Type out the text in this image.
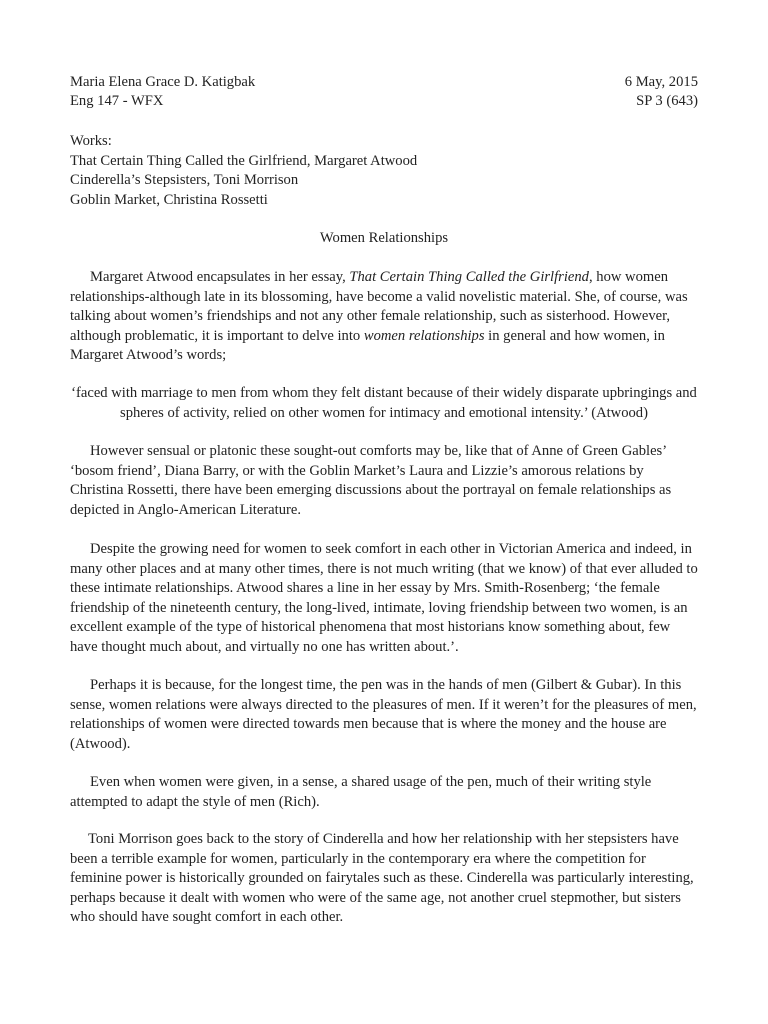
Maria Elena Grace D. Katigbak	6 May, 2015
Eng 147 - WFX	SP 3 (643)
Works:
That Certain Thing Called the Girlfriend, Margaret Atwood
Cinderella’s Stepsisters, Toni Morrison
Goblin Market, Christina Rossetti
Women Relationships

Margaret Atwood encapsulates in her essay, That Certain Thing Called the Girlfriend, how women relationships-although late in its blossoming, have become a valid novelistic material. She, of course, was talking about women’s friendships and not any other female relationship, such as sisterhood. However, although problematic, it is important to delve into women relationships in general and how women, in Margaret Atwood’s words;

‘faced with marriage to men from whom they felt distant because of their widely disparate upbringings and spheres of activity, relied on other women for intimacy and emotional intensity.’ (Atwood)

However sensual or platonic these sought-out comforts may be, like that of Anne of Green Gables’ ‘bosom friend’, Diana Barry, or with the Goblin Market’s Laura and Lizzie’s amorous relations by Christina Rossetti, there have been emerging discussions about the portrayal on female relationships as depicted in Anglo-American Literature.

Despite the growing need for women to seek comfort in each other in Victorian America and indeed, in many other places and at many other times, there is not much writing (that we know) of that ever alluded to these intimate relationships. Atwood shares a line in her essay by Mrs. Smith-Rosenberg; ‘the female friendship of the nineteenth century, the long-lived, intimate, loving friendship between two women, is an excellent example of the type of historical phenomena that most historians know something about, few have thought much about, and virtually no one has written about.’.

Perhaps it is because, for the longest time, the pen was in the hands of men (Gilbert & Gubar). In this sense, women relations were always directed to the pleasures of men. If it weren’t for the pleasures of men, relationships of women were directed towards men because that is where the money and the house are (Atwood).

Even when women were given, in a sense, a shared usage of the pen, much of their writing style attempted to adapt the style of men (Rich).

Toni Morrison goes back to the story of Cinderella and how her relationship with her stepsisters have been a terrible example for women, particularly in the contemporary era where the competition for feminine power is historically grounded on fairytales such as these. Cinderella was particularly interesting, perhaps because it dealt with women who were of the same age, not another cruel stepmother, but sisters who should have sought comfort in each other.
